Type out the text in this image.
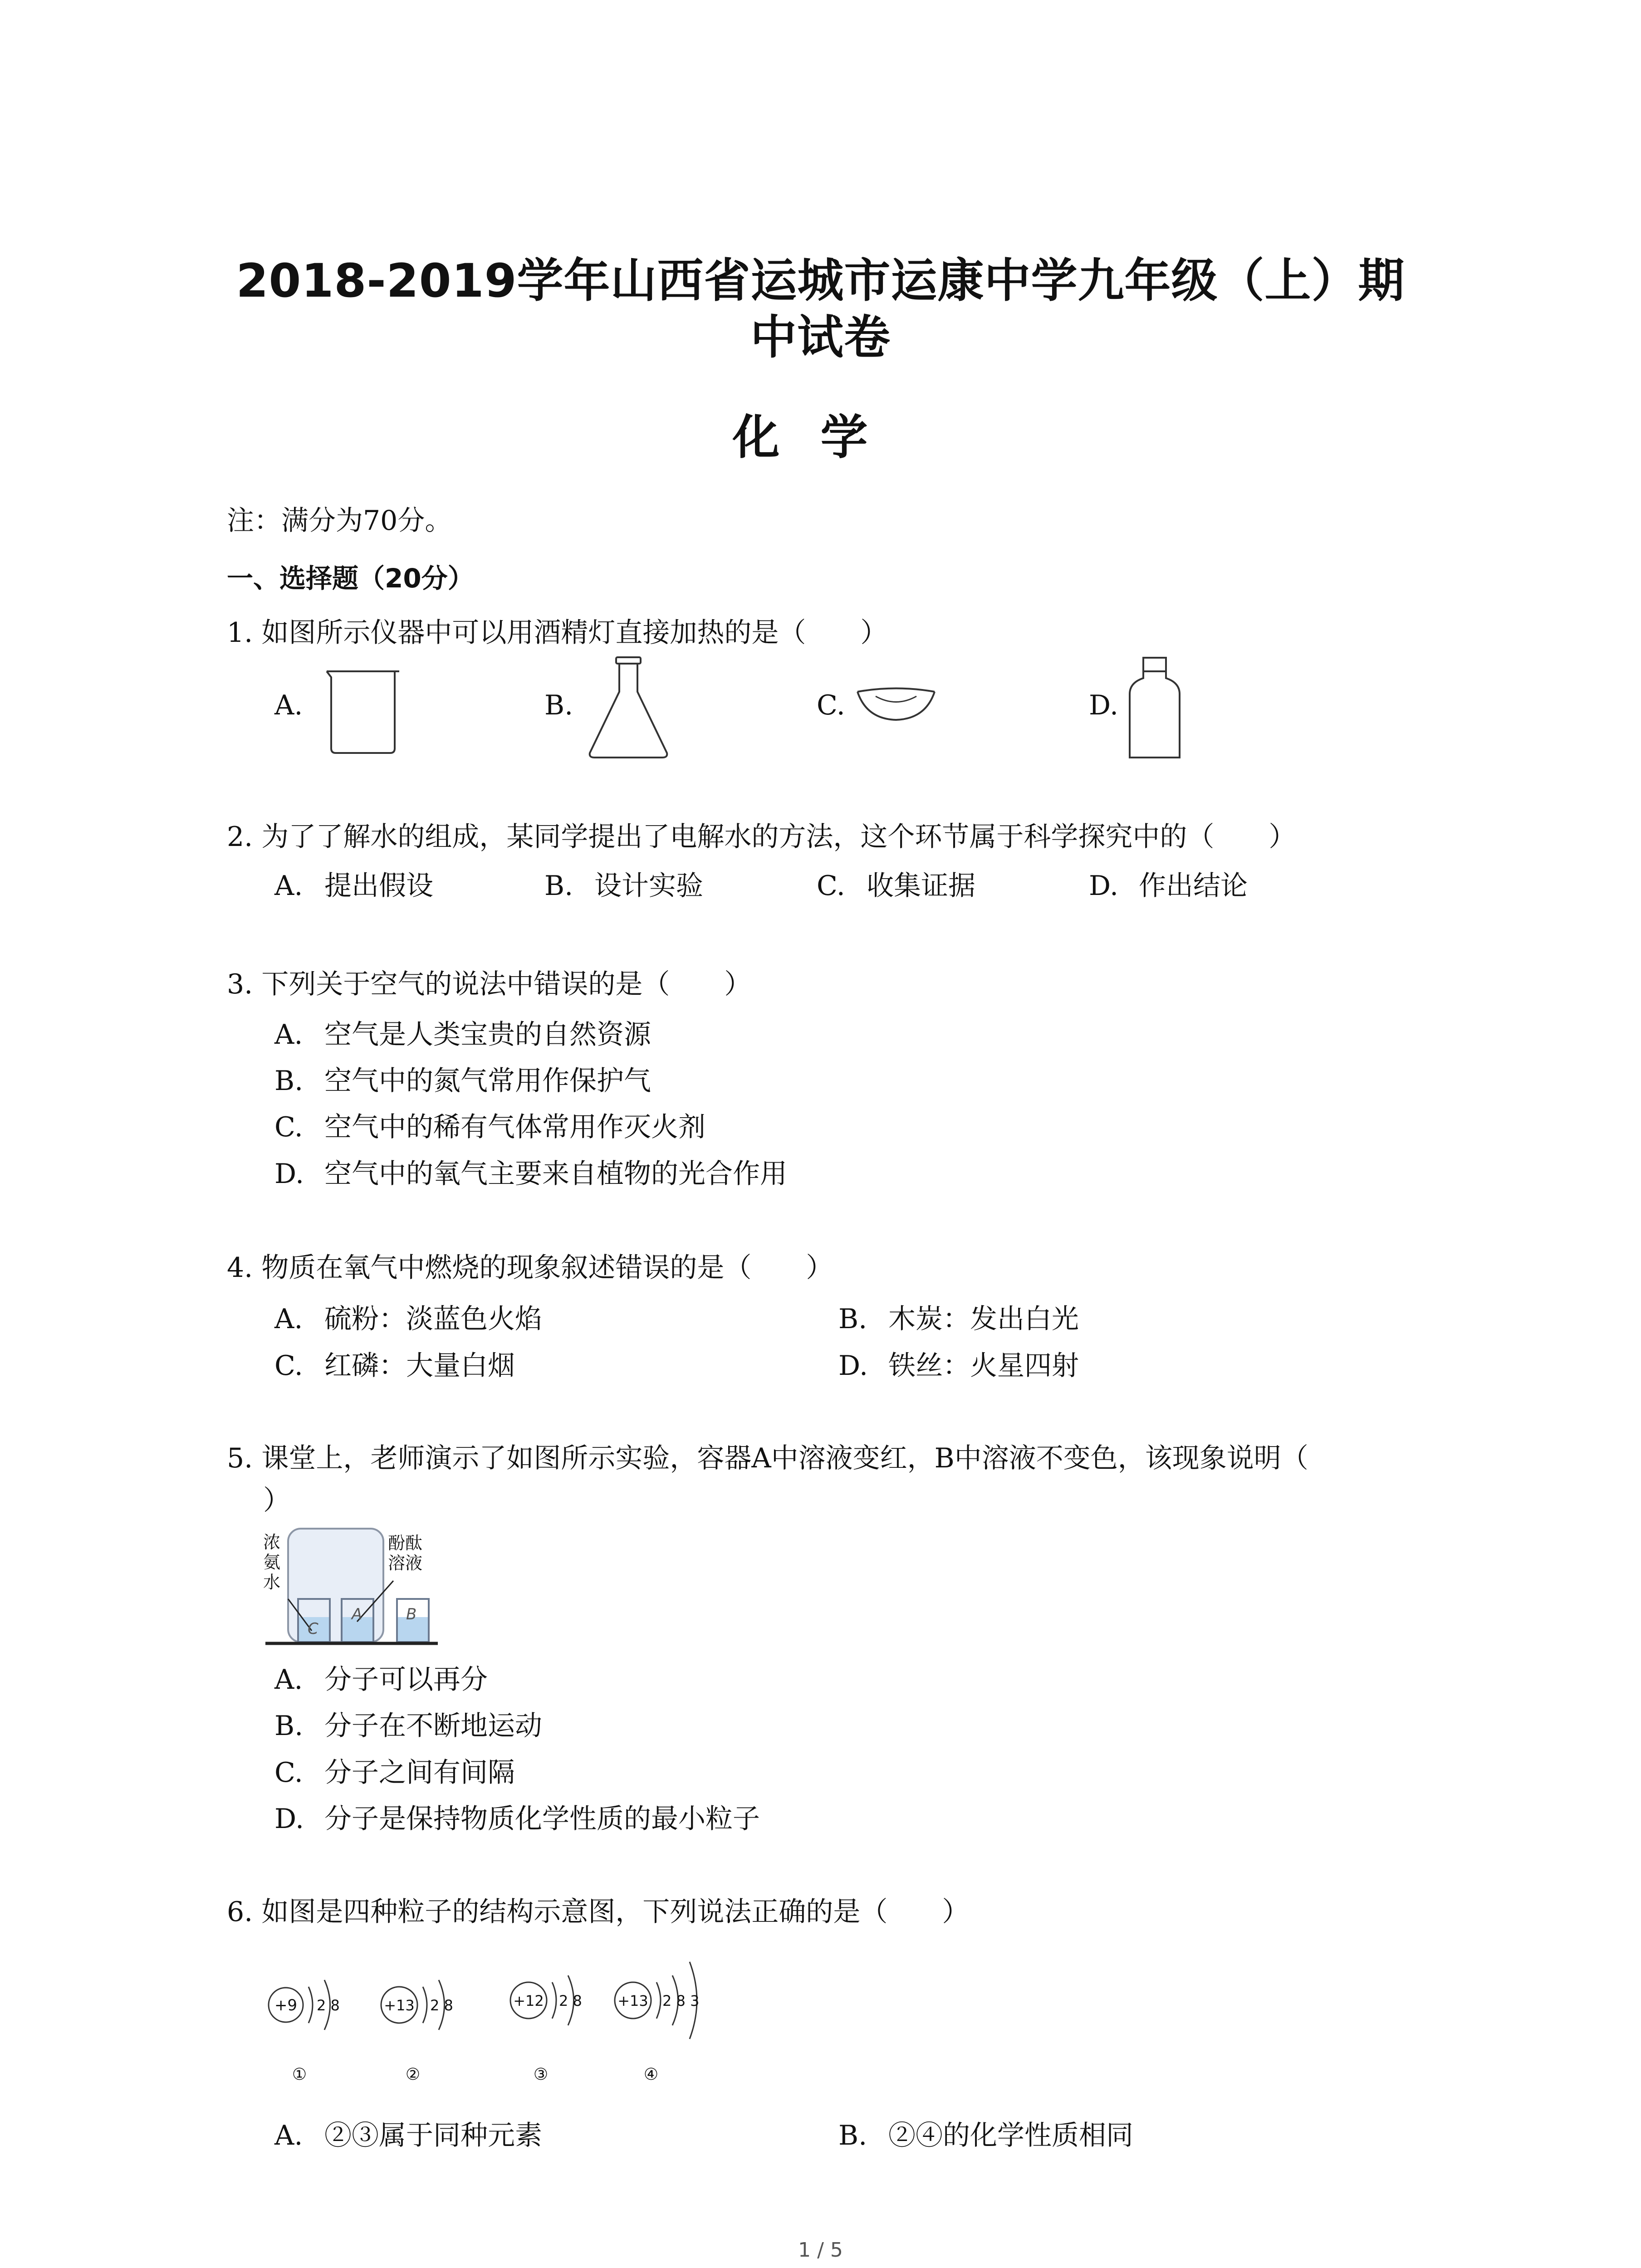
2018-2019学年山西省运城市运康中学九年级（上）期
中试卷
化学
注：满分为70分。
一、选择题（20分）
1. 如图所示仪器中可以用酒精灯直接加热的是（　　）
A.	B.	C.	D.
2. 为了了解水的组成，某同学提出了电解水的方法，这个环节属于科学探究中的（　　）
A. 提出假设	B. 设计实验	C. 收集证据	D. 作出结论
3. 下列关于空气的说法中错误的是（　　）
A. 空气是人类宝贵的自然资源
B. 空气中的氮气常用作保护气
C. 空气中的稀有气体常用作灭火剂
D. 空气中的氧气主要来自植物的光合作用
4. 物质在氧气中燃烧的现象叙述错误的是（　　）
A. 硫粉：淡蓝色火焰	B. 木炭：发出白光
C. 红磷：大量白烟	D. 铁丝：火星四射
5. 课堂上，老师演示了如图所示实验，容器A中溶液变红，B中溶液不变色，该现象说明（
）
浓
氨
水
酚酞
溶液
C
A	B
A. 分子可以再分
B. 分子在不断地运动
C. 分子之间有间隔
D. 分子是保持物质化学性质的最小粒子
6. 如图是四种粒子的结构示意图，下列说法正确的是（　　）
+9 2 8
①
+13 2 8
②
+12 2 8
③
+13 2 8 3
④
A. ②③属于同种元素	B. ②④的化学性质相同
1 / 5
